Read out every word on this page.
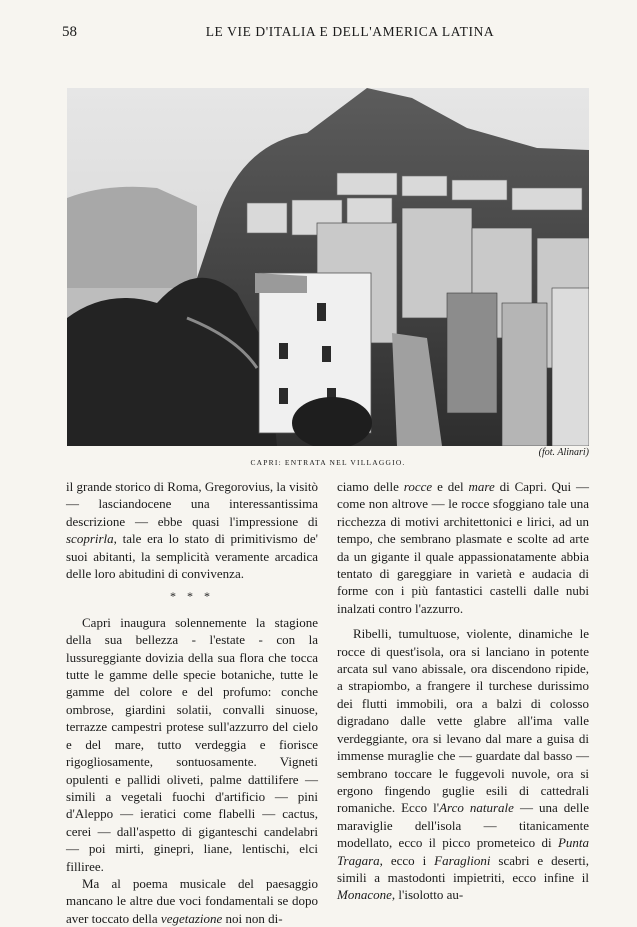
58	LE VIE D'ITALIA E DELL'AMERICA LATINA
(fot. Alinari)
CAPRI: ENTRATA NEL VILLAGGIO.

il grande storico di Roma, Gregorovius, la visitò — lasciandocene una interessantissima descrizione — ebbe quasi l'impressione di scoprirla, tale era lo stato di primitivismo de' suoi abitanti, la semplicità veramente arcadica delle loro abitudini di convivenza.

* * *

Capri inaugura solennemente la stagione della sua bellezza - l'estate - con la lussureggiante dovizia della sua flora che tocca tutte le gamme delle specie botaniche, tutte le gamme del colore e del profumo: conche ombrose, giardini solatii, convalli sinuose, terrazze campestri protese sull'azzurro del cielo e del mare, tutto verdeggia e fiorisce rigogliosamente, sontuosamente. Vigneti opulenti e pallidi oliveti, palme dattilifere — simili a vegetali fuochi d'artificio — pini d'Aleppo — ieratici come flabelli — cactus, cerei — dall'aspetto di giganteschi candelabri — poi mirti, ginepri, liane, lentischi, elci filliree.

Ma al poema musicale del paesaggio mancano le altre due voci fondamentali se dopo aver toccato della vegetazione noi non di-

ciamo delle rocce e del mare di Capri. Qui — come non altrove — le rocce sfoggiano tale una ricchezza di motivi architettonici e lirici, ad un tempo, che sembrano plasmate e scolte ad arte da un gigante il quale appassionatamente abbia tentato di gareggiare in varietà e audacia di forme con i più fantastici castelli dalle nubi inalzati contro l'azzurro.

Ribelli, tumultuose, violente, dinamiche le rocce di quest'isola, ora si lanciano in potente arcata sul vano abissale, ora discendono ripide, a strapiombo, a frangere il turchese durissimo dei flutti immobili, ora a balzi di colosso digradano dalle vette glabre all'ima valle verdeggiante, ora si levano dal mare a guisa di immense muraglie che — guardate dal basso — sembrano toccare le fuggevoli nuvole, ora si ergono fingendo guglie esili di cattedrali romaniche. Ecco l'Arco naturale — una delle maraviglie dell'isola — titanicamente modellato, ecco il picco prometeico di Punta Tragara, ecco i Faraglioni scabri e deserti, simili a mastodonti impietriti, ecco infine il Monacone, l'isolotto au-
